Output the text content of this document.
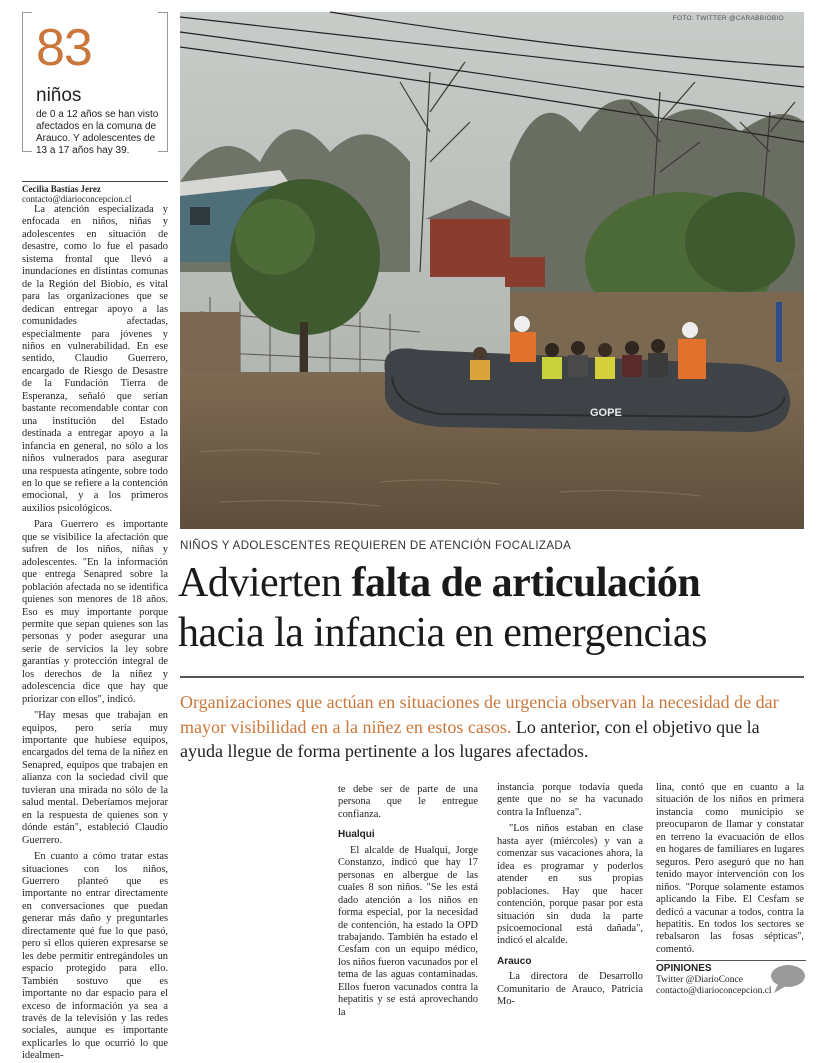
83
niños
de 0 a 12 años se han visto afectados en la comuna de Arauco. Y adolescentes de 13 a 17 años hay 39.
Cecilia Bastías Jerez
contacto@diarioconcepcion.cl

La atención especializada y enfocada en niños, niñas y adolescentes en situación de desastre, como lo fue el pasado sistema frontal que llevó a inundaciones en distintas comunas de la Región del Biobío, es vital para las organizaciones que se dedican entregar apoyo a las comunidades afectadas, especialmente para jóvenes y niños en vulnerabilidad. En ese sentido, Claudio Guerrero, encargado de Riesgo de Desastre de la Fundación Tierra de Esperanza, señaló que serían bastante recomendable contar con una institución del Estado destinada a entregar apoyo a la infancia en general, no sólo a los niños vulnerados para asegurar una respuesta atingente, sobre todo en lo que se refiere a la contención emocional, y a los primeros auxilios psicológicos.

Para Guerrero es importante que se visibilice la afectación que sufren de los niños, niñas y adolescentes. "En la información que entrega Senapred sobre la población afectada no se identifica quienes son menores de 18 años. Eso es muy importante porque permite que sepan quienes son las personas y poder asegurar una serie de servicios la ley sobre garantías y protección integral de los derechos de la niñez y adolescencia dice que hay que priorizar con ellos", indicó.

"Hay mesas que trabajan en equipos, pero sería muy importante que hubiese equipos, encargados del tema de la niñez en Senapred, equipos que trabajen en alianza con la sociedad civil que tuvieran una mirada no sólo de la salud mental. Deberíamos mejorar en la respuesta de quienes son y dónde están", estableció Claudio Guerrero.

En cuanto a cómo tratar estas situaciones con los niños, Guerrero planteó que es importante no entrar directamente en conversaciones que puedan generar más daño y preguntarles directamente qué fue lo que pasó, pero si ellos quieren expresarse se les debe permitir entregándoles un espacio protegido para ello. También sostuvo que es importante no dar espacio para el exceso de información ya sea a través de la televisión y las redes sociales, aunque es importante explicarles lo que ocurrió lo que idealmen-

GOPE
FOTO: TWITTER @CARABBIOBIO
NIÑOS Y ADOLESCENTES REQUIEREN DE ATENCIÓN FOCALIZADA
Advierten falta de articulación
hacia la infancia en emergencias
Organizaciones que actúan en situaciones de urgencia observan la necesidad de dar mayor visibilidad en a la niñez en estos casos. Lo anterior, con el objetivo que la ayuda llegue de forma pertinente a los lugares afectados.

te debe ser de parte de una persona que le entregue confianza.

Hualqui

El alcalde de Hualqui, Jorge Constanzo, indicó que hay 17 personas en albergue de las cuales 8 son niños. "Se les está dado atención a los niños en forma especial, por la necesidad de contención, ha estado la OPD trabajando. También ha estado el Cesfam con un equipo médico, los niños fueron vacunados por el tema de las aguas contaminadas. Ellos fueron vacunados contra la hepatitis y se está aprovechando la

instancia porque todavía queda gente que no se ha vacunado contra la Influenza".

"Los niños estaban en clase hasta ayer (miércoles) y van a comenzar sus vacaciones ahora, la idea es programar y poderlos atender en sus propias poblaciones. Hay que hacer contención, porque pasar por esta situación sin duda la parte psicoemocional está dañada", indicó el alcalde.

Arauco

La directora de Desarrollo Comunitario de Arauco, Patricia Mo-

lina, contó que en cuanto a la situación de los niños en primera instancia como municipio se preocuparon de llamar y constatar en terreno la evacuación de ellos en hogares de familiares en lugares seguros. Pero aseguró que no han tenido mayor intervención con los niños. "Porque solamente estamos aplicando la Fibe. El Cesfam se dedicó a vacunar a todos, contra la hepatitis. En todos los sectores se rebalsaron las fosas sépticas", comentó.

OPINIONES
Twitter @DiarioConce
contacto@diarioconcepcion.cl
